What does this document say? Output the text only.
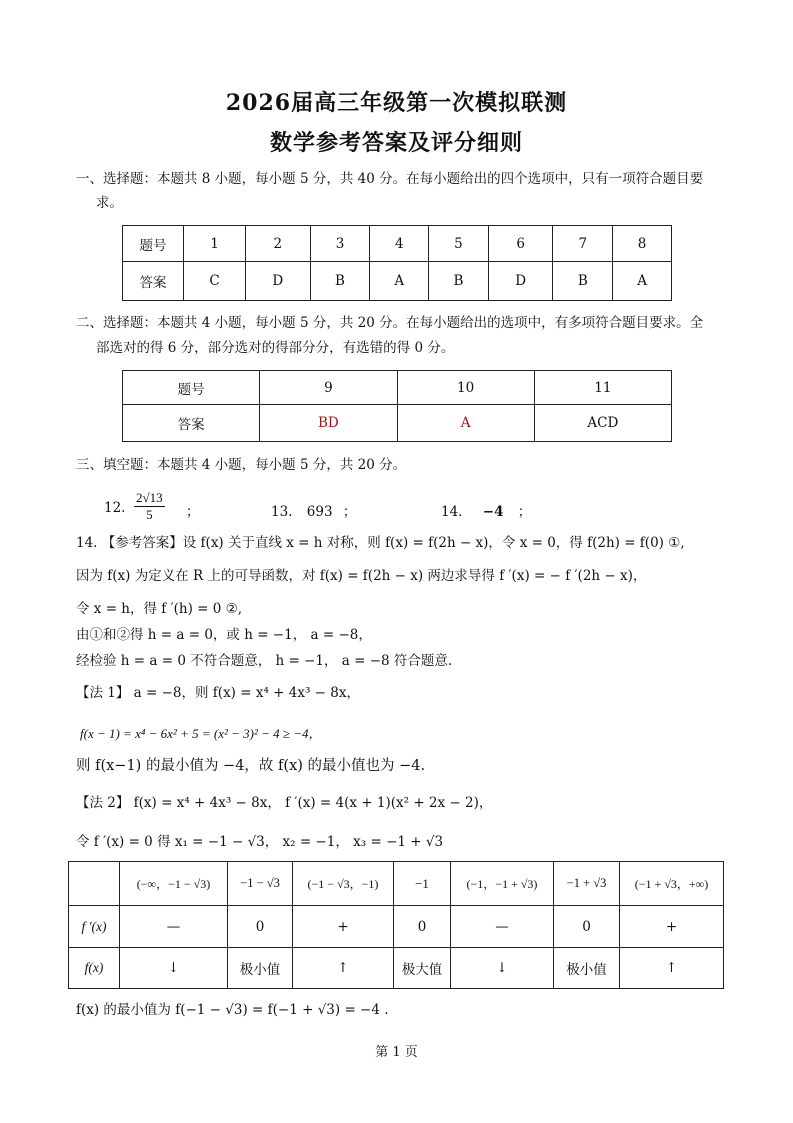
2026届高三年级第一次模拟联测
数学参考答案及评分细则
一、选择题：本题共 8 小题，每小题 5 分，共 40 分。在每小题给出的四个选项中，只有一项符合题目要
求。
题号	1	2	3	4	5	6	7	8
答案	C	D	B	A	B	D	B	A
二、选择题：本题共 4 小题，每小题 5 分，共 20 分。在每小题给出的选项中，有多项符合题目要求。全
部选对的得 6 分，部分选对的得部分分，有选错的得 0 分。
题号	9	10	11
答案	BD	A	ACD
三、填空题：本题共 4 小题，每小题 5 分，共 20 分。
12. $\frac{2√13}{5}$ ；	13. 693 ；	14. −4 ；
14. 【参考答案】设 f(x) 关于直线 x = h 对称，则 f(x) = f(2h − x)，令 x = 0，得 f(2h) = f(0) ①,
因为 f(x) 为定义在 R 上的可导函数，对 f(x) = f(2h − x) 两边求导得 f ′(x) = − f ′(2h − x)，
令 x = h，得 f ′(h) = 0 ②,
由①和②得 h = a = 0，或 h = −1， a = −8，
经检验 h = a = 0 不符合题意， h = −1， a = −8 符合题意.
【法 1】 a = −8，则 f(x) = x⁴ + 4x³ − 8x，
f(x − 1) = x⁴ − 6x² + 5 = (x² − 3)² − 4 ≥ −4，
则 f(x−1) 的最小值为 −4，故 f(x) 的最小值也为 −4.
【法 2】 f(x) = x⁴ + 4x³ − 8x， f ′(x) = 4(x + 1)(x² + 2x − 2)，
令 f ′(x) = 0 得 x₁ = −1 − √3， x₂ = −1， x₃ = −1 + √3
	(−∞，−1 − √3)	−1 − √3	(−1 − √3，−1)	−1	(−1，−1 + √3)	−1 + √3	(−1 + √3，+∞)
f ′(x)	—	0	+	0	—	0	+
f(x)	↓	极小值	↑	极大值	↓	极小值	↑
f(x) 的最小值为 f(−1 − √3) = f(−1 + √3) = −4 .
第 1 页
